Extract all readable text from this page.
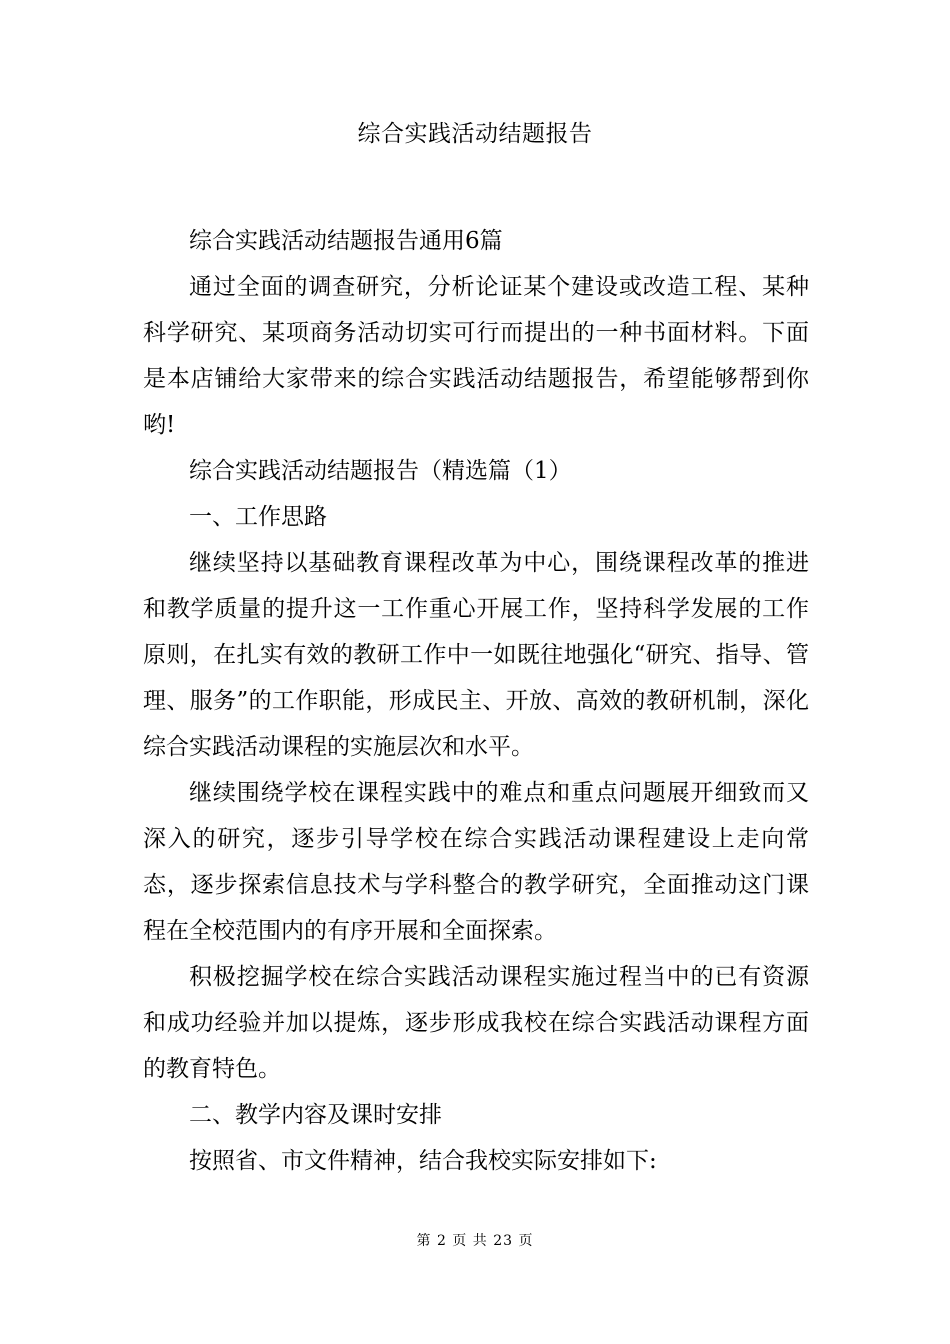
综合实践活动结题报告

综合实践活动结题报告通用6篇

通过全面的调查研究，分析论证某个建设或改造工程、某种科学研究、某项商务活动切实可行而提出的一种书面材料。下面是本店铺给大家带来的综合实践活动结题报告，希望能够帮到你哟!

综合实践活动结题报告（精选篇（1）

一、工作思路

继续坚持以基础教育课程改革为中心，围绕课程改革的推进和教学质量的提升这一工作重心开展工作，坚持科学发展的工作原则，在扎实有效的教研工作中一如既往地强化“研究、指导、管理、服务”的工作职能，形成民主、开放、高效的教研机制，深化综合实践活动课程的实施层次和水平。

继续围绕学校在课程实践中的难点和重点问题展开细致而又深入的研究，逐步引导学校在综合实践活动课程建设上走向常态，逐步探索信息技术与学科整合的教学研究，全面推动这门课程在全校范围内的有序开展和全面探索。

积极挖掘学校在综合实践活动课程实施过程当中的已有资源和成功经验并加以提炼，逐步形成我校在综合实践活动课程方面的教育特色。

二、教学内容及课时安排

按照省、市文件精神，结合我校实际安排如下:

第 2 页 共 23 页
